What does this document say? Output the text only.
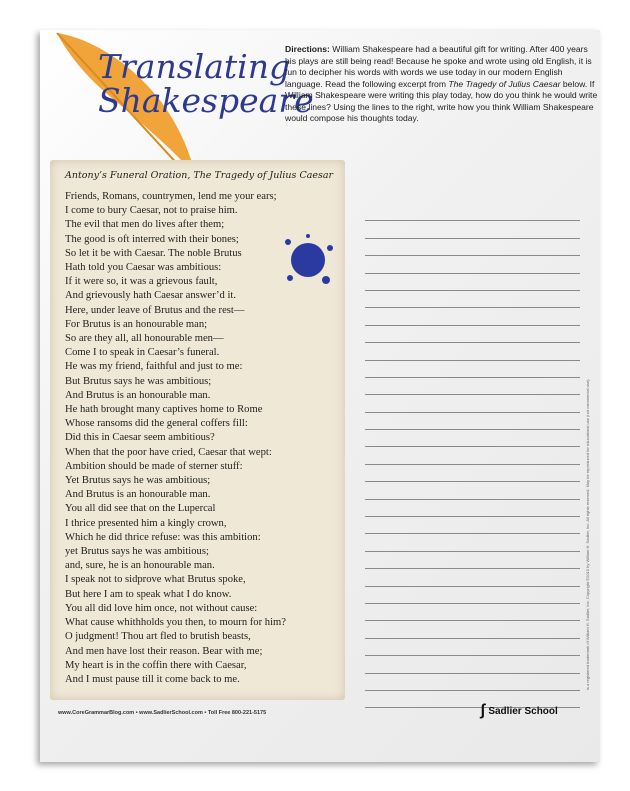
Translating
Shakespeare
Directions: William Shakespeare had a beautiful gift for writing. After 400 years his plays are still being read! Because he spoke and wrote using old English, it is fun to decipher his words with words we use today in our modern English language. Read the following excerpt from The Tragedy of Julius Caesar below. If William Shakespeare were writing this play today, how do you think he would write these lines? Using the lines to the right, write how you think William Shakespeare would compose his thoughts today.
Antony’s Funeral Oration, The Tragedy of Julius Caesar
Friends, Romans, countrymen, lend me your ears;
I come to bury Caesar, not to praise him.
The evil that men do lives after them;
The good is oft interred with their bones;
So let it be with Caesar. The noble Brutus
Hath told you Caesar was ambitious:
If it were so, it was a grievous fault,
And grievously hath Caesar answer’d it.
Here, under leave of Brutus and the rest—
For Brutus is an honourable man;
So are they all, all honourable men—
Come I to speak in Caesar’s funeral.
He was my friend, faithful and just to me:
But Brutus says he was ambitious;
And Brutus is an honourable man.
He hath brought many captives home to Rome
Whose ransoms did the general coffers fill:
Did this in Caesar seem ambitious?
When that the poor have cried, Caesar that wept:
Ambition should be made of sterner stuff:
Yet Brutus says he was ambitious;
And Brutus is an honourable man.
You all did see that on the Lupercal
I thrice presented him a kingly crown,
Which he did thrice refuse: was this ambition:
yet Brutus says he was ambitious;
and, sure, he is an honourable man.
I speak not to sidprove what Brutus spoke,
But here I am to speak what I do know.
You all did love him once, not without cause:
What cause whithholds you then, to mourn for him?
O judgment! Thou art fled to brutish beasts,
And men have lost their reason. Bear with me;
My heart is in the coffin there with Caesar,
And I must pause till it come back to me.
www.CoreGrammarBlog.com • www.SadlierSchool.com • Toll Free 800-221-5175	ʃ Sadlier School
is a registered trademark of William H. Sadlier, Inc. Copyright ©2015 by William H. Sadlier, Inc. All rights reserved. May be reproduced for educational use (not commercial use).
